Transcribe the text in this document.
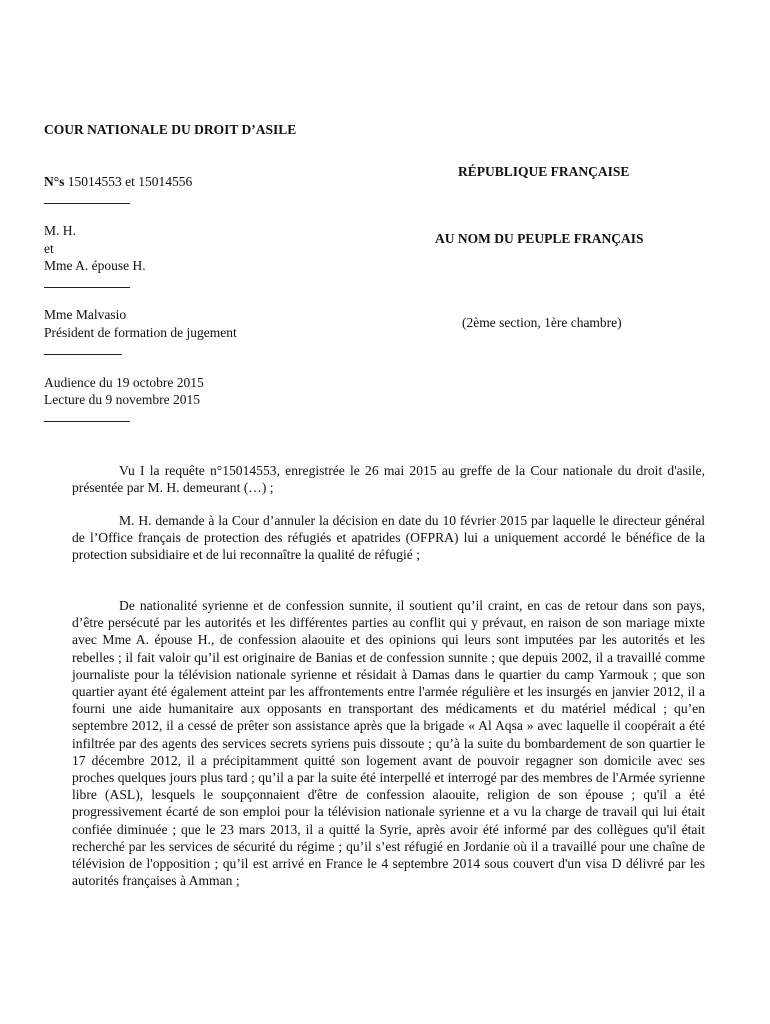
COUR NATIONALE DU DROIT D’ASILE
N°s 15014553 et 15014556
M. H.
et
Mme A. épouse H.
Mme Malvasio
Président de formation de jugement
Audience du 19 octobre 2015
Lecture du 9 novembre 2015
RÉPUBLIQUE FRANÇAISE
AU NOM DU PEUPLE FRANÇAIS
(2ème section, 1ère chambre)

Vu I la requête n°15014553, enregistrée le 26 mai 2015 au greffe de la Cour nationale du droit d'asile, présentée par M. H. demeurant (…) ;

M. H. demande à la Cour d’annuler la décision en date du 10 février 2015 par laquelle le directeur général de l’Office français de protection des réfugiés et apatrides (OFPRA) lui a uniquement accordé le bénéfice de la protection subsidiaire et de lui reconnaître la qualité de réfugié ;

De nationalité syrienne et de confession sunnite, il soutient qu’il craint, en cas de retour dans son pays, d’être persécuté par les autorités et les différentes parties au conflit qui y prévaut, en raison de son mariage mixte avec Mme A. épouse H., de confession alaouite et des opinions qui leurs sont imputées par les autorités et les rebelles ; il fait valoir qu’il est originaire de Banias et de confession sunnite ; que depuis 2002, il a travaillé comme journaliste pour la télévision nationale syrienne et résidait à Damas dans le quartier du camp Yarmouk ; que son quartier ayant été également atteint par les affrontements entre l'armée régulière et les insurgés en janvier 2012, il a fourni une aide humanitaire aux opposants en transportant des médicaments et du matériel médical ; qu’en septembre 2012, il a cessé de prêter son assistance après que la brigade « Al Aqsa » avec laquelle il coopérait a été infiltrée par des agents des services secrets syriens puis dissoute ; qu’à la suite du bombardement de son quartier le 17 décembre 2012, il a précipitamment quitté son logement avant de pouvoir regagner son domicile avec ses proches quelques jours plus tard ; qu’il a par la suite été interpellé et interrogé par des membres de l'Armée syrienne libre (ASL), lesquels le soupçonnaient d'être de confession alaouite, religion de son épouse ; qu'il a été progressivement écarté de son emploi pour la télévision nationale syrienne et a vu la charge de travail qui lui était confiée diminuée ; que le 23 mars 2013, il a quitté la Syrie, après avoir été informé par des collègues qu'il était recherché par les services de sécurité du régime ; qu’il s’est réfugié en Jordanie où il a travaillé pour une chaîne de télévision de l'opposition ; qu’il est arrivé en France le 4 septembre 2014 sous couvert d'un visa D délivré par les autorités françaises à Amman ;
